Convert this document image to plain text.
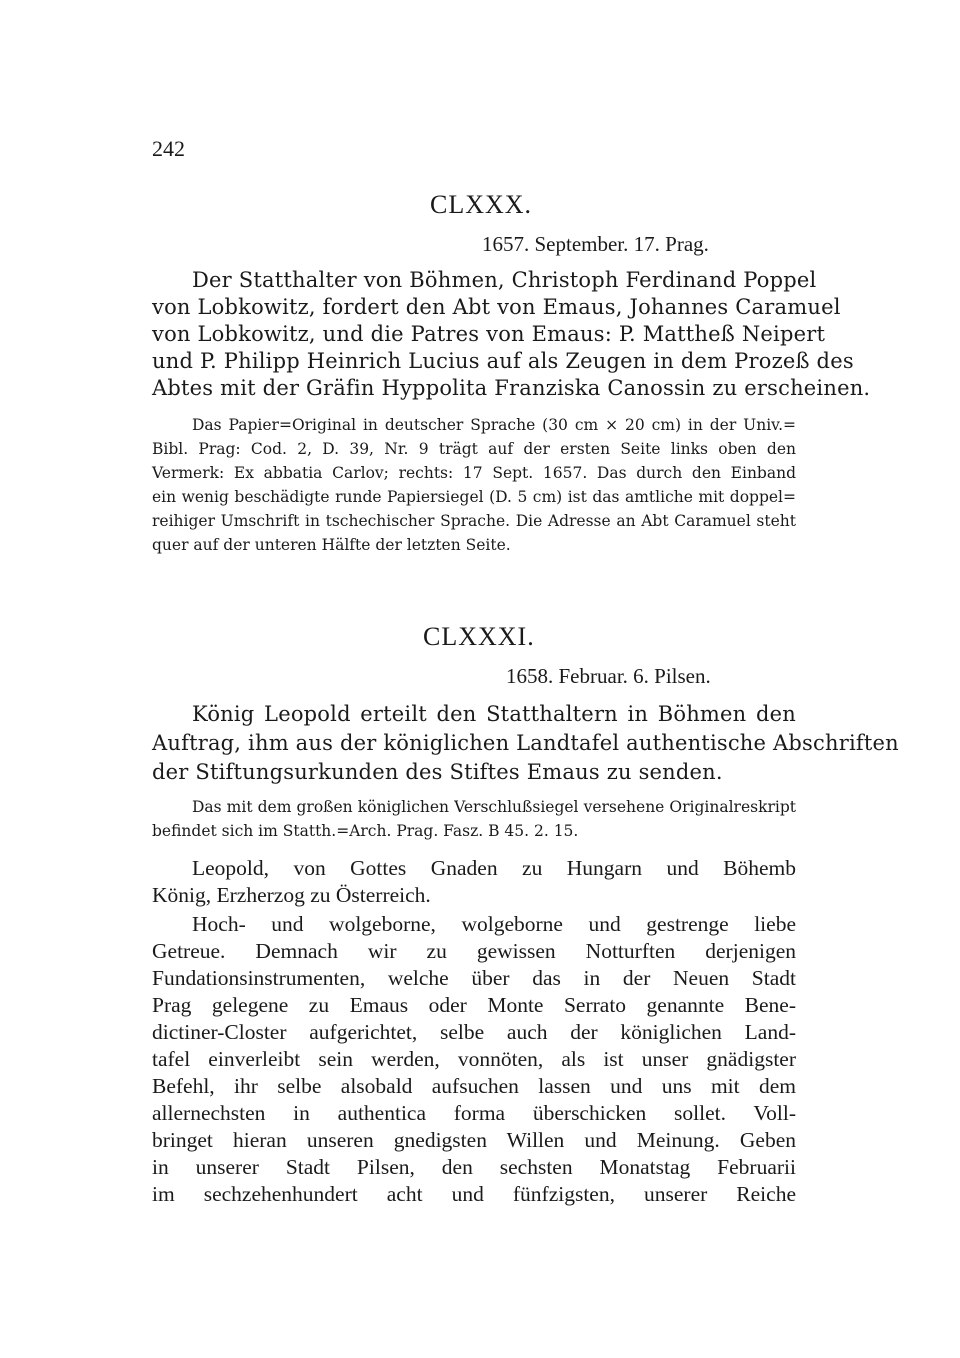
242
CLXXX.
1657. September. 17. Prag.
Der Statthalter von Böhmen, Christoph Ferdinand Poppel
von Lobkowitz, fordert den Abt von Emaus, Johannes Caramuel
von Lobkowitz, und die Patres von Emaus: P. Mattheß Neipert
und P. Philipp Heinrich Lucius auf als Zeugen in dem Prozeß des
Abtes mit der Gräfin Hyppolita Franziska Canossin zu erscheinen.
Das Papier=Original in deutscher Sprache (30 cm × 20 cm) in der Univ.=
Bibl. Prag: Cod. 2, D. 39, Nr. 9 trägt auf der ersten Seite links oben den
Vermerk: Ex abbatia Carlov; rechts: 17 Sept. 1657. Das durch den Einband
ein wenig beschädigte runde Papiersiegel (D. 5 cm) ist das amtliche mit doppel=
reihiger Umschrift in tschechischer Sprache. Die Adresse an Abt Caramuel steht
quer auf der unteren Hälfte der letzten Seite.
CLXXXI.
1658. Februar. 6. Pilsen.
König Leopold erteilt den Statthaltern in Böhmen den
Auftrag, ihm aus der königlichen Landtafel authentische Abschriften
der Stiftungsurkunden des Stiftes Emaus zu senden.
Das mit dem großen königlichen Verschlußsiegel versehene Originalreskript
befindet sich im Statth.=Arch. Prag. Fasz. B 45. 2. 15.
Leopold, von Gottes Gnaden zu Hungarn und Böhemb
König, Erzherzog zu Österreich.
Hoch- und wolgeborne, wolgeborne und gestrenge liebe
Getreue. Demnach wir zu gewissen Notturften derjenigen
Fundationsinstrumenten, welche über das in der Neuen Stadt
Prag gelegene zu Emaus oder Monte Serrato genannte Bene-
dictiner-Closter aufgerichtet, selbe auch der königlichen Land-
tafel einverleibt sein werden, vonnöten, als ist unser gnädigster
Befehl, ihr selbe alsobald aufsuchen lassen und uns mit dem
allernechsten in authentica forma überschicken sollet. Voll-
bringet hieran unseren gnedigsten Willen und Meinung. Geben
in unserer Stadt Pilsen, den sechsten Monatstag Februarii
im sechzehenhundert acht und fünfzigsten, unserer Reiche
